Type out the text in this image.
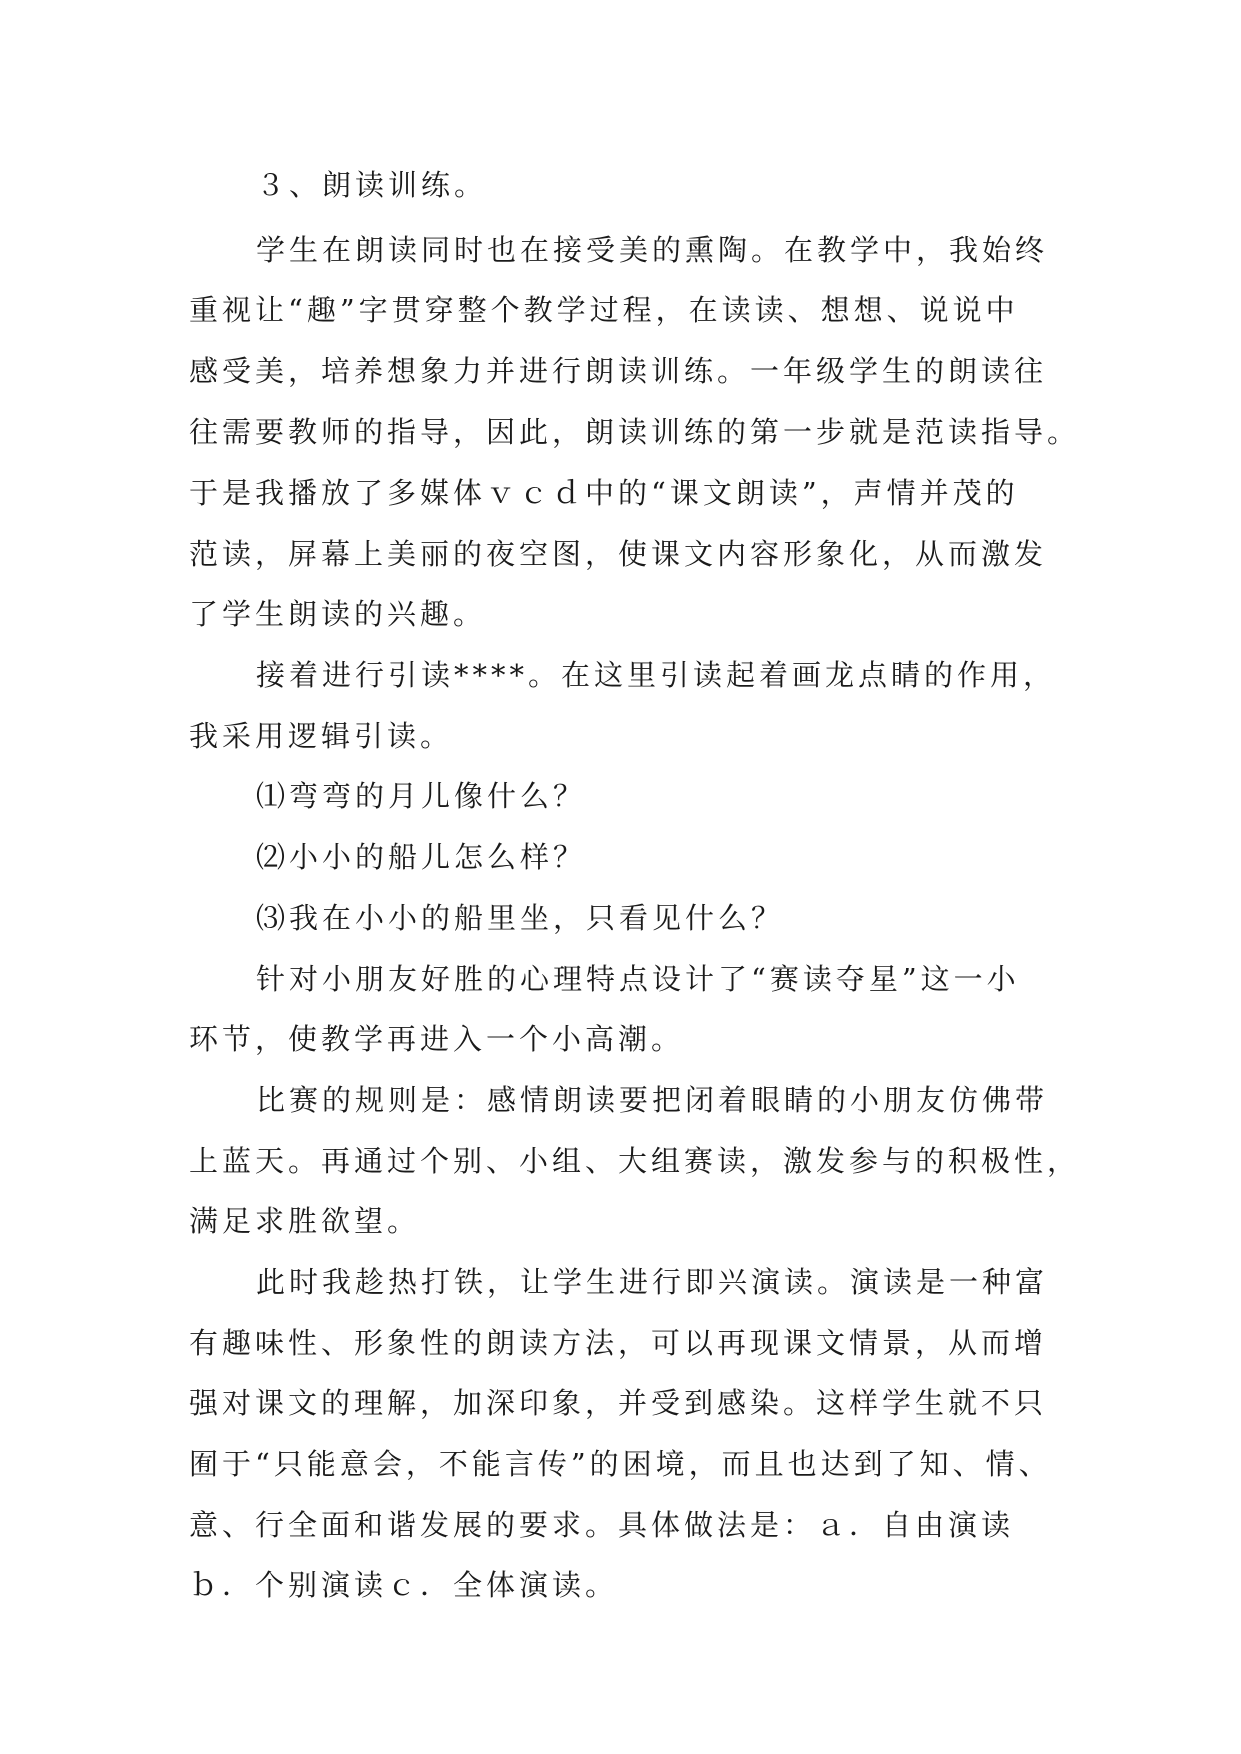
３、朗读训练。
学生在朗读同时也在接受美的熏陶。在教学中，我始终
重视让“趣”字贯穿整个教学过程，在读读、想想、说说中
感受美，培养想象力并进行朗读训练。一年级学生的朗读往
往需要教师的指导，因此，朗读训练的第一步就是范读指导。
于是我播放了多媒体ｖｃｄ中的“课文朗读”，声情并茂的
范读，屏幕上美丽的夜空图，使课文内容形象化，从而激发
了学生朗读的兴趣。
接着进行引读****。在这里引读起着画龙点睛的作用，
我采用逻辑引读。
⑴弯弯的月儿像什么？
⑵小小的船儿怎么样？
⑶我在小小的船里坐，只看见什么？
针对小朋友好胜的心理特点设计了“赛读夺星”这一小
环节，使教学再进入一个小高潮。
比赛的规则是：感情朗读要把闭着眼睛的小朋友仿佛带
上蓝天。再通过个别、小组、大组赛读，激发参与的积极性，
满足求胜欲望。
此时我趁热打铁，让学生进行即兴演读。演读是一种富
有趣味性、形象性的朗读方法，可以再现课文情景，从而增
强对课文的理解，加深印象，并受到感染。这样学生就不只
囿于“只能意会，不能言传”的困境，而且也达到了知、情、
意、行全面和谐发展的要求。具体做法是：ａ．自由演读
ｂ．个别演读ｃ．全体演读。
